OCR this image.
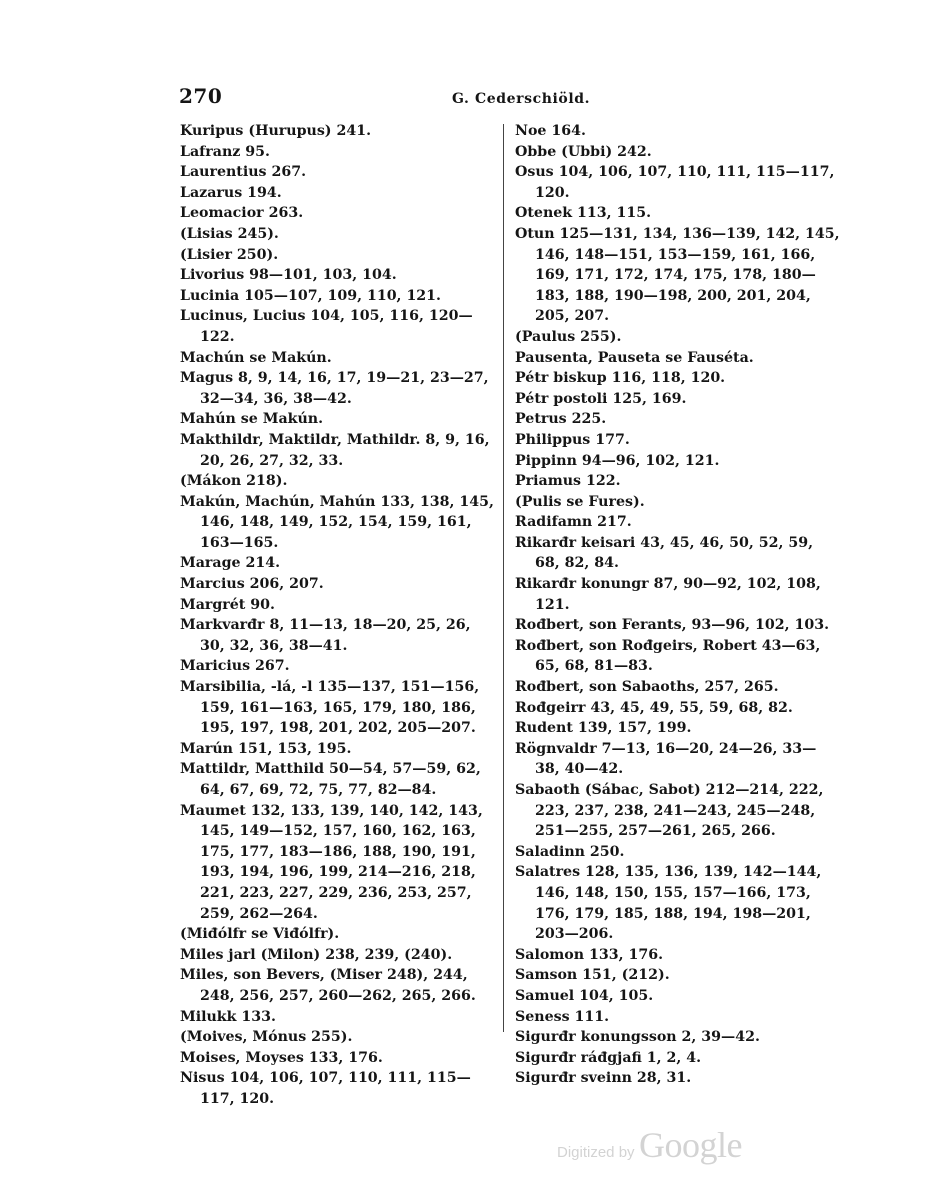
270	G. Cederschiöld.
Kuripus (Hurupus) 241.
Lafranz 95.
Laurentius 267.
Lazarus 194.
Leomacior 263.
(Lisias 245).
(Lisier 250).
Livorius 98—101, 103, 104.
Lucinia 105—107, 109, 110, 121.
Lucinus, Lucius 104, 105, 116, 120—122.
Machún se Makún.
Magus 8, 9, 14, 16, 17, 19—21, 23—27, 32—34, 36, 38—42.
Mahún se Makún.
Makthildr, Maktildr, Mathildr. 8, 9, 16, 20, 26, 27, 32, 33.
(Mákon 218).
Makún, Machún, Mahún 133, 138, 145, 146, 148, 149, 152, 154, 159, 161, 163—165.
Marage 214.
Marcius 206, 207.
Margrét 90.
Markvarđr 8, 11—13, 18—20, 25, 26, 30, 32, 36, 38—41.
Maricius 267.
Marsibilia, -lá, -l 135—137, 151—156, 159, 161—163, 165, 179, 180, 186, 195, 197, 198, 201, 202, 205—207.
Marún 151, 153, 195.
Mattildr, Matthild 50—54, 57—59, 62, 64, 67, 69, 72, 75, 77, 82—84.
Maumet 132, 133, 139, 140, 142, 143, 145, 149—152, 157, 160, 162, 163, 175, 177, 183—186, 188, 190, 191, 193, 194, 196, 199, 214—216, 218, 221, 223, 227, 229, 236, 253, 257, 259, 262—264.
(Miđólfr se Viđólfr).
Miles jarl (Milon) 238, 239, (240).
Miles, son Bevers, (Miser 248), 244, 248, 256, 257, 260—262, 265, 266.
Milukk 133.
(Moives, Mónus 255).
Moises, Moyses 133, 176.
Nisus 104, 106, 107, 110, 111, 115—117, 120.
Noe 164.
Obbe (Ubbi) 242.
Osus 104, 106, 107, 110, 111, 115—117, 120.
Otenek 113, 115.
Otun 125—131, 134, 136—139, 142, 145, 146, 148—151, 153—159, 161, 166, 169, 171, 172, 174, 175, 178, 180—183, 188, 190—198, 200, 201, 204, 205, 207.
(Paulus 255).
Pausenta, Pauseta se Fauséta.
Pétr biskup 116, 118, 120.
Pétr postoli 125, 169.
Petrus 225.
Philippus 177.
Pippinn 94—96, 102, 121.
Priamus 122.
(Pulis se Fures).
Radifamn 217.
Rikarđr keisari 43, 45, 46, 50, 52, 59, 68, 82, 84.
Rikarđr konungr 87, 90—92, 102, 108, 121.
Rođbert, son Ferants, 93—96, 102, 103.
Rođbert, son Rođgeirs, Robert 43—63, 65, 68, 81—83.
Rođbert, son Sabaoths, 257, 265.
Rođgeirr 43, 45, 49, 55, 59, 68, 82.
Rudent 139, 157, 199.
Rögnvaldr 7—13, 16—20, 24—26, 33—38, 40—42.
Sabaoth (Sábac, Sabot) 212—214, 222, 223, 237, 238, 241—243, 245—248, 251—255, 257—261, 265, 266.
Saladinn 250.
Salatres 128, 135, 136, 139, 142—144, 146, 148, 150, 155, 157—166, 173, 176, 179, 185, 188, 194, 198—201, 203—206.
Salomon 133, 176.
Samson 151, (212).
Samuel 104, 105.
Seness 111.
Sigurđr konungsson 2, 39—42.
Sigurđr ráđgjafi 1, 2, 4.
Sigurđr sveinn 28, 31.
Digitized by Google
